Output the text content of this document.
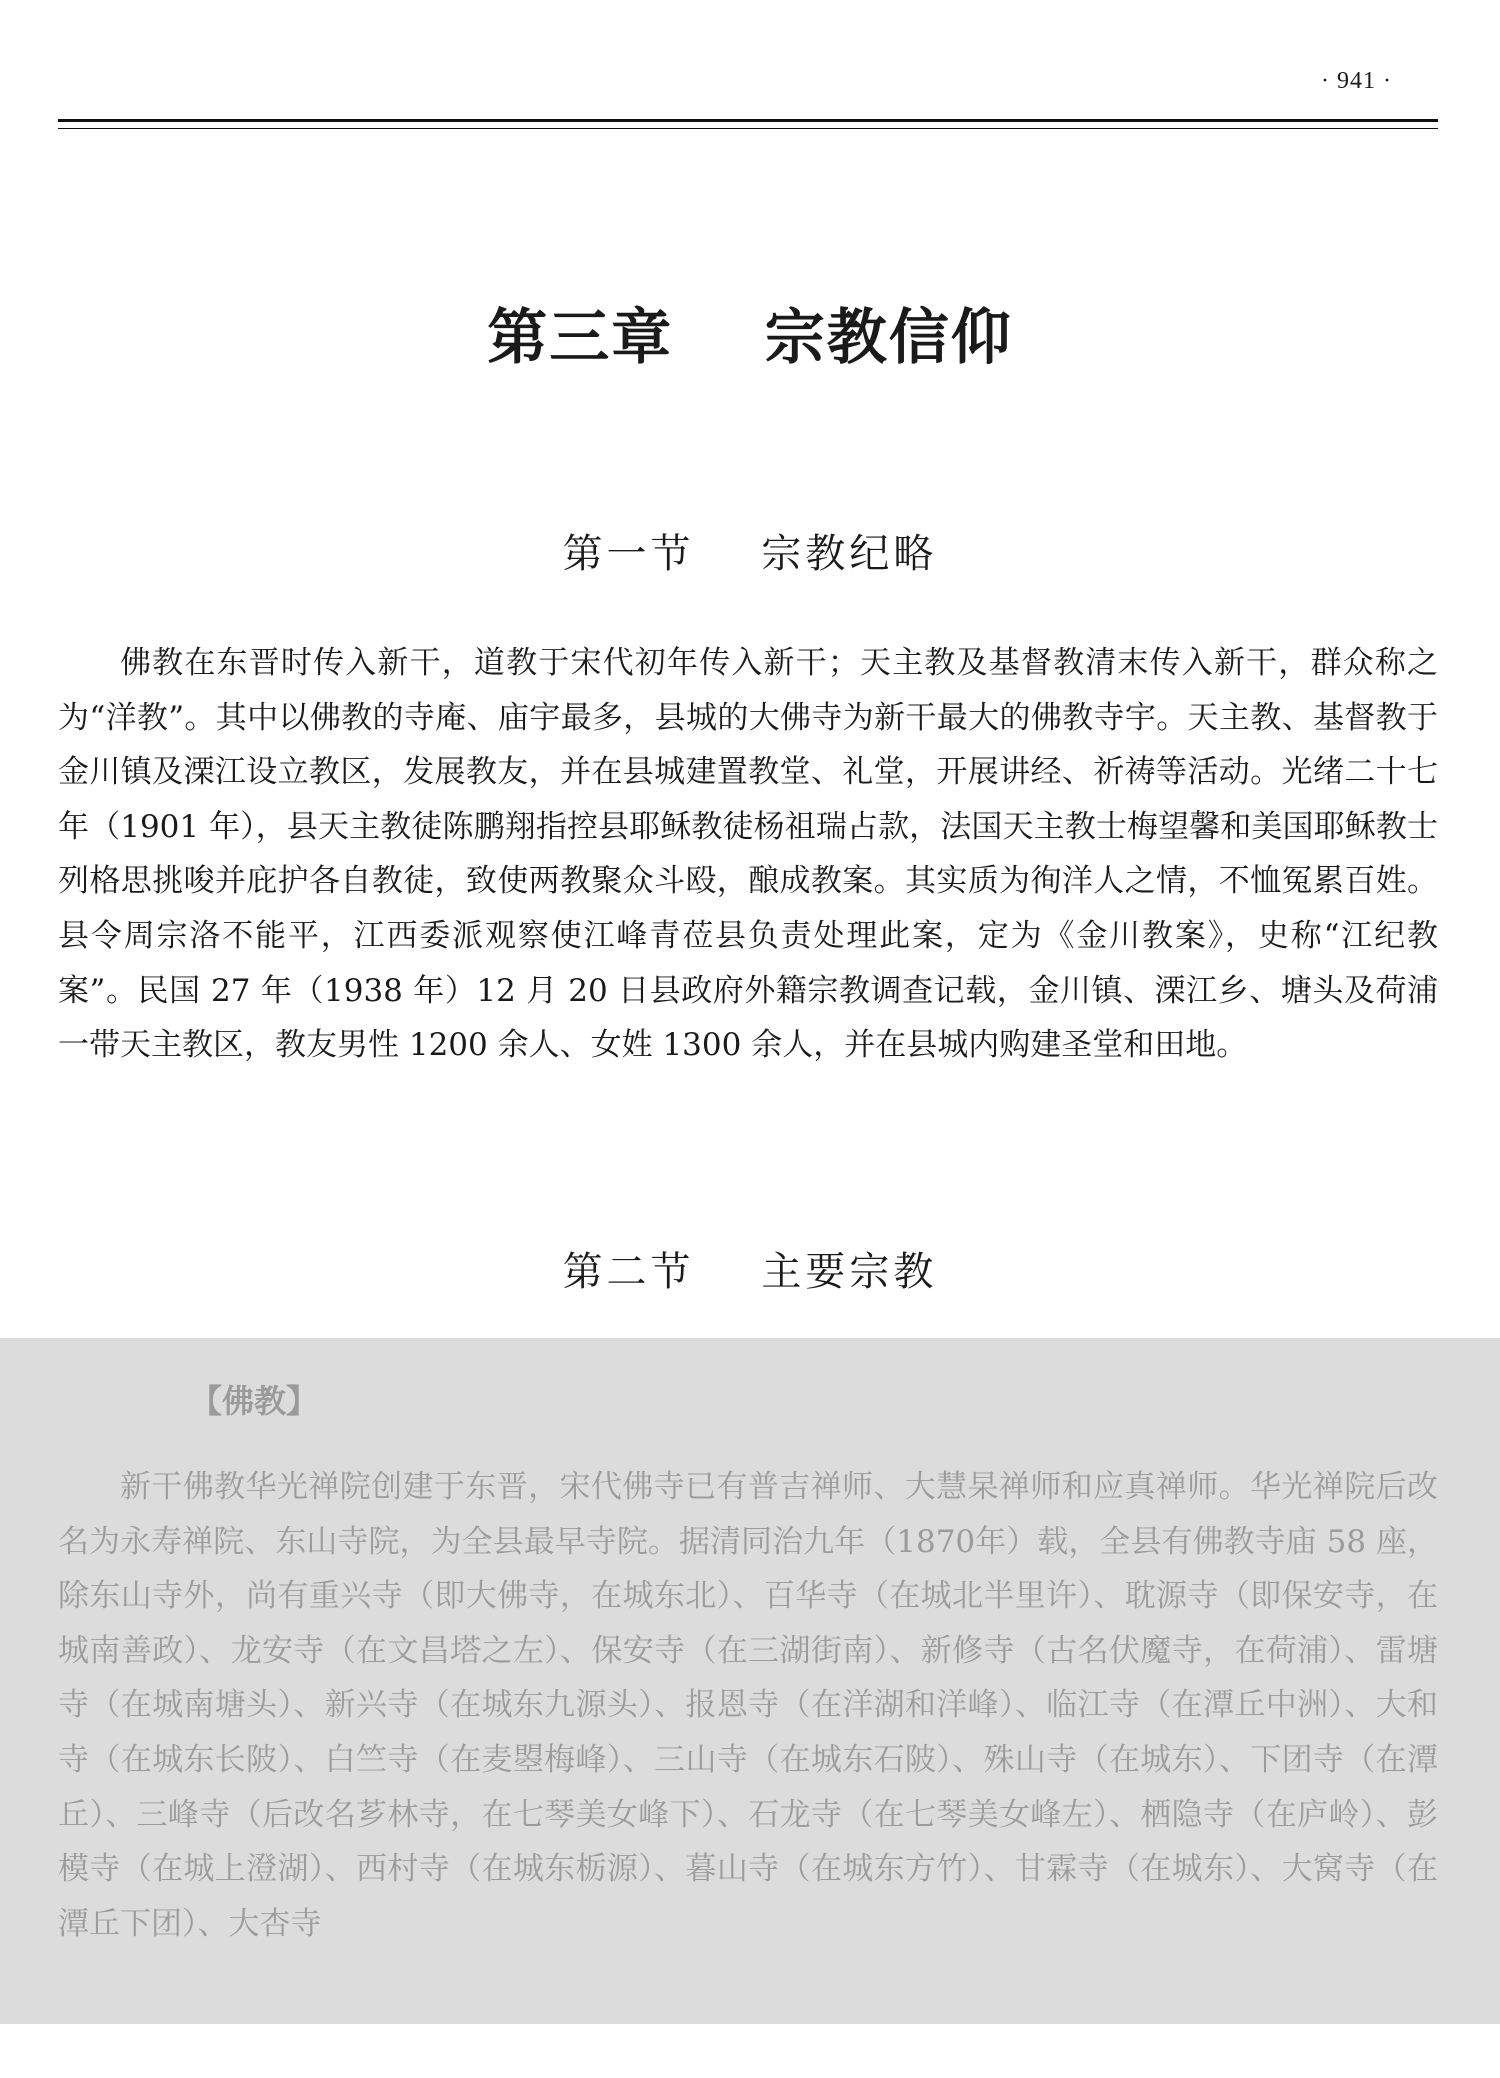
· 941 ·
第三章    宗教信仰
第一节    宗教纪略

佛教在东晋时传入新干，道教于宋代初年传入新干；天主教及基督教清末传入新干，群众称之为“洋教”。其中以佛教的寺庵、庙宇最多，县城的大佛寺为新干最大的佛教寺宇。天主教、基督教于金川镇及溧江设立教区，发展教友，并在县城建置教堂、礼堂，开展讲经、祈祷等活动。光绪二十七年（1901 年），县天主教徒陈鹏翔指控县耶稣教徒杨祖瑞占款，法国天主教士梅望馨和美国耶稣教士列格思挑唆并庇护各自教徒，致使两教聚众斗殴，酿成教案。其实质为徇洋人之情，不恤冤累百姓。县令周宗洛不能平，江西委派观察使江峰青莅县负责处理此案，定为《金川教案》，史称“江纪教案”。民国 27 年（1938 年）12 月 20 日县政府外籍宗教调查记载，金川镇、溧江乡、塘头及荷浦一带天主教区，教友男性 1200 余人、女姓 1300 余人，并在县城内购建圣堂和田地。

第二节    主要宗教
【佛教】

新干佛教华光禅院创建于东晋，宋代佛寺已有普吉禅师、大慧杲禅师和应真禅师。华光禅院后改名为永寿禅院、东山寺院，为全县最早寺院。据清同治九年（1870年）载，全县有佛教寺庙 58 座，除东山寺外，尚有重兴寺（即大佛寺，在城东北）、百华寺（在城北半里许）、耽源寺（即保安寺，在城南善政）、龙安寺（在文昌塔之左）、保安寺（在三湖街南）、新修寺（古名伏魔寺，在荷浦）、雷塘寺（在城南塘头）、新兴寺（在城东九源头）、报恩寺（在洋湖和洋峰）、临江寺（在潭丘中洲）、大和寺（在城东长陂）、白竺寺（在麦曌梅峰）、三山寺（在城东石陂）、殊山寺（在城东）、下团寺（在潭丘）、三峰寺（后改名芗林寺，在七琴美女峰下）、石龙寺（在七琴美女峰左）、栖隐寺（在庐岭）、彭模寺（在城上澄湖）、西村寺（在城东栃源）、暮山寺（在城东方竹）、甘霖寺（在城东）、大窝寺（在潭丘下团）、大杏寺
